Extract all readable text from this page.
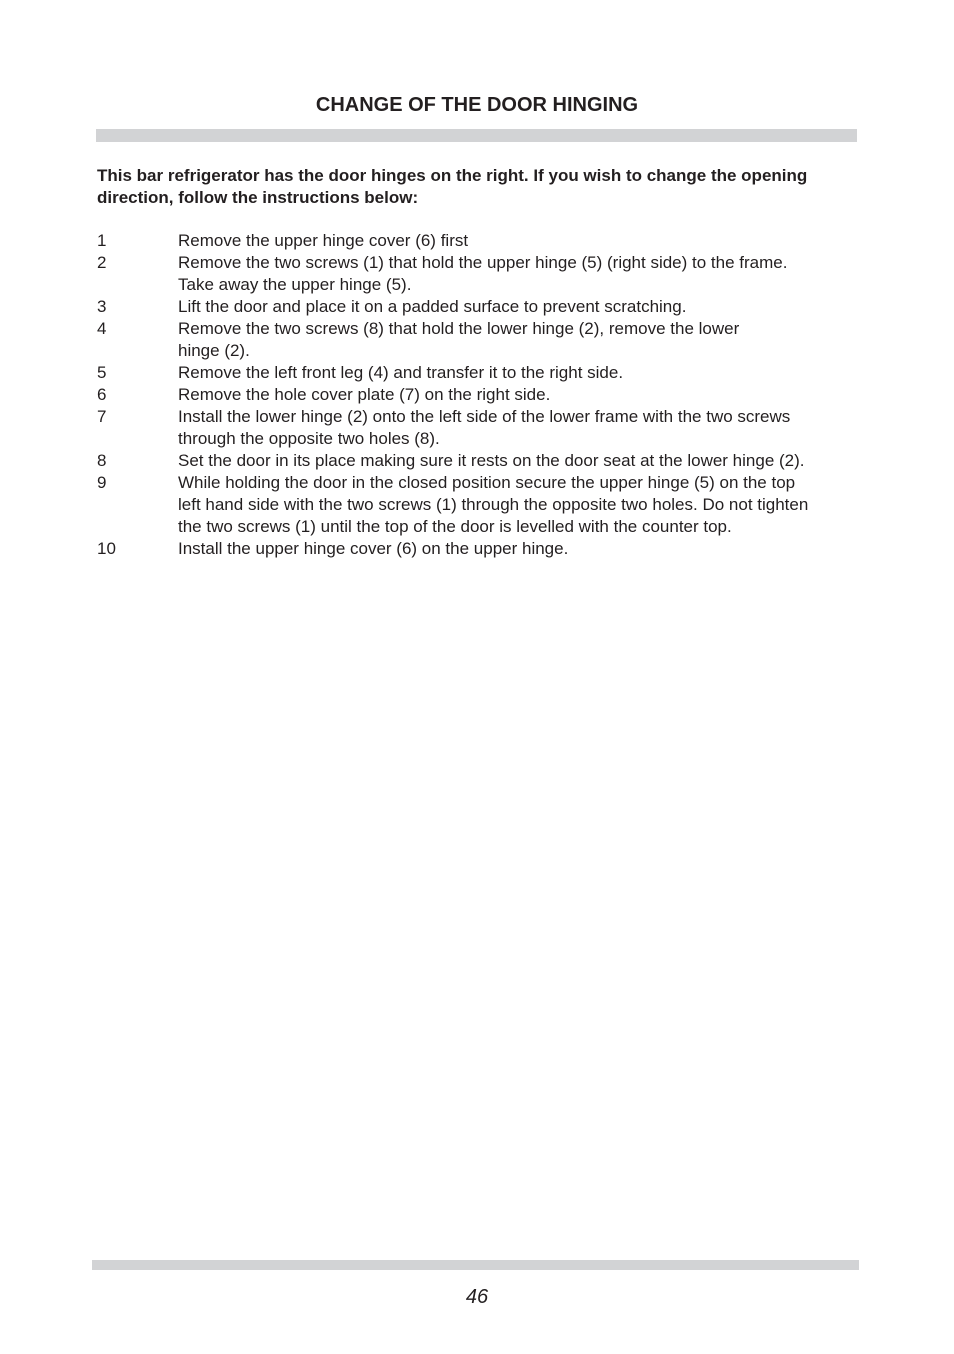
CHANGE OF THE DOOR HINGING

This bar refrigerator has the door hinges on the right. If you wish to change the opening
direction, follow the instructions below:

1	Remove the upper hinge cover (6) first
2	Remove the two screws (1) that hold the upper hinge (5) (right side) to the frame.
Take away the upper hinge (5).
3	Lift the door and place it on a padded surface to prevent scratching.
4	Remove the two screws (8) that hold the lower hinge (2), remove the lower
hinge (2).
5	Remove the left front leg (4) and transfer it to the right side.
6	Remove the hole cover plate (7) on the right side.
7	Install the lower hinge (2) onto the left side of the lower frame with the two screws
through the opposite two holes (8).
8	Set the door in its place making sure it rests on the door seat at the lower hinge (2).
9	While holding the door in the closed position secure the upper hinge (5) on the top
left hand side with the two screws (1) through the opposite two holes. Do not tighten
the two screws (1) until the top of the door is levelled with the counter top.
10	Install the upper hinge cover (6) on the upper hinge.
46
